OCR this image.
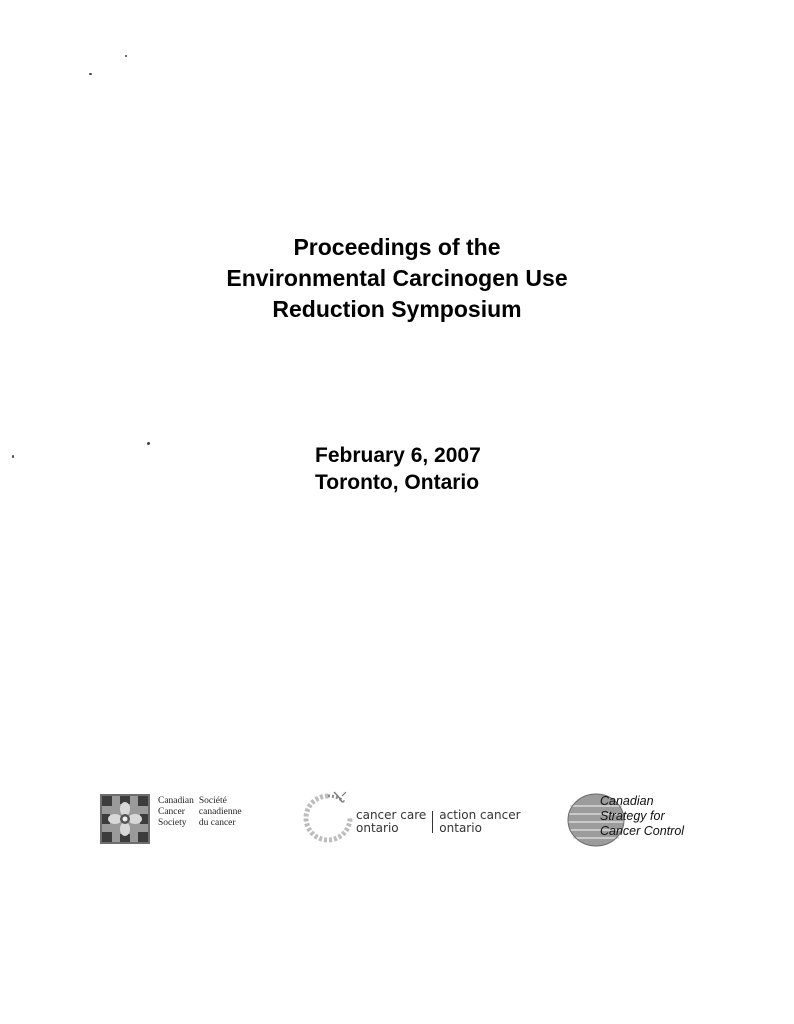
Proceedings of the
Environmental Carcinogen Use
Reduction Symposium
February 6, 2007
Toronto, Ontario
Canadian
Cancer
Society
Société
canadienne
du cancer
cancer care
ontario
action cancer
ontario
Canadian
Strategy for
Cancer Control
